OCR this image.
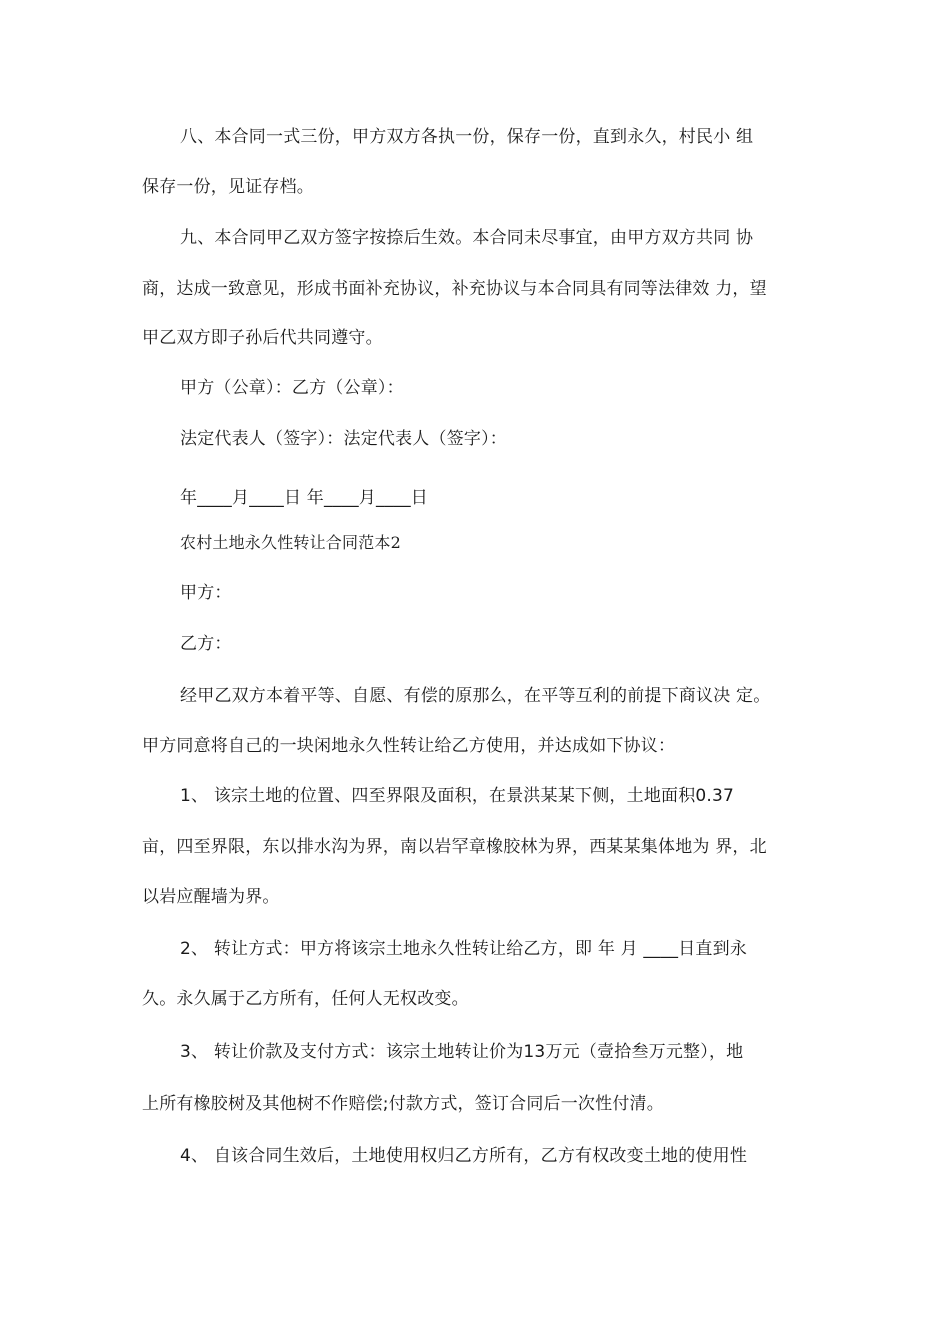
八、本合同一式三份，甲方双方各执一份，保存一份，直到永久，村民小 组
保存一份，见证存档。
九、本合同甲乙双方签字按捺后生效。本合同未尽事宜，由甲方双方共同 协
商，达成一致意见，形成书面补充协议，补充协议与本合同具有同等法律效 力，望
甲乙双方即子孙后代共同遵守。
甲方（公章）：乙方（公章）：
法定代表人（签字）：法定代表人（签字）：
年____月____日 年____月____日
农村土地永久性转让合同范本2
甲方：
乙方：
经甲乙双方本着平等、自愿、有偿的原那么，在平等互利的前提下商议决 定。
甲方同意将自己的一块闲地永久性转让给乙方使用，并达成如下协议：
1、 该宗土地的位置、四至界限及面积，在景洪某某下侧，土地面积0.37
亩，四至界限，东以排水沟为界，南以岩罕章橡胶林为界，西某某集体地为 界，北
以岩应醒墙为界。
2、 转让方式：甲方将该宗土地永久性转让给乙方，即 年 月 ____日直到永
久。永久属于乙方所有，任何人无权改变。
3、 转让价款及支付方式：该宗土地转让价为13万元（壹拾叁万元整），地
上所有橡胶树及其他树不作赔偿;付款方式，签订合同后一次性付清。
4、 自该合同生效后，土地使用权归乙方所有，乙方有权改变土地的使用性
